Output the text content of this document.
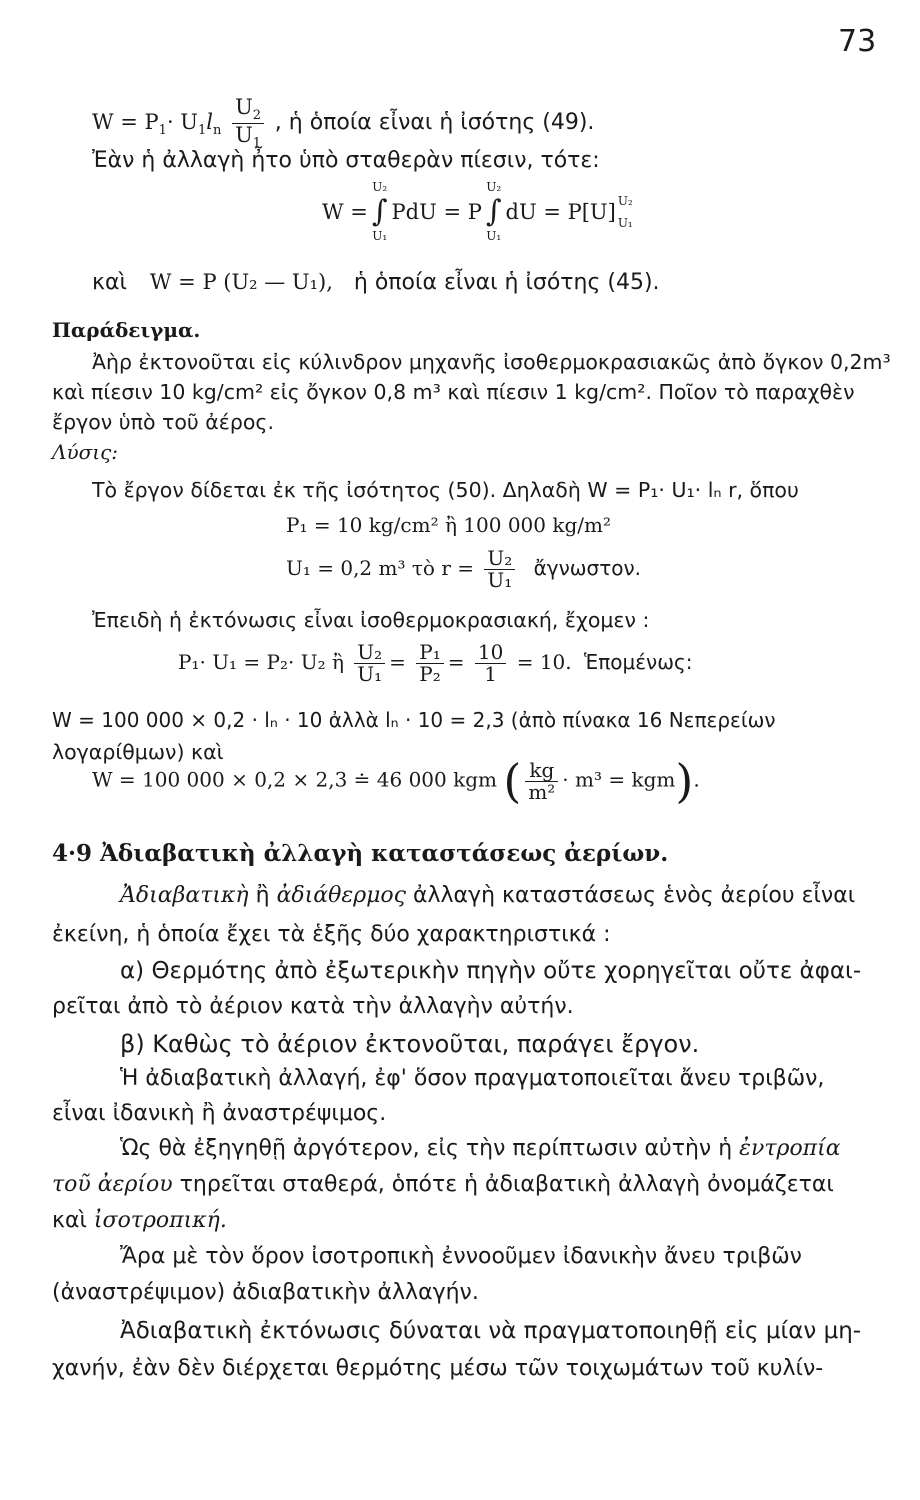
73
$W = P_1\cdot U_1l_n \frac{U_2}{U_1}$ , ἡ ὁποία εἶναι ἡ ἰσότης (49).
Ἐὰν ἡ ἀλλαγὴ ἦτο ὑπὸ σταθερὰν πίεσιν, τότε:
W =
U₂
∫
U₁
PdU = P
U₂
∫
U₁
dU = P[U] U₂
U₁
καὶ W = P (U₂ — U₁), ἡ ὁποία εἶναι ἡ ἰσότης (45).
Παράδειγμα.
Ἀὴρ ἐκτονοῦται εἰς κύλινδρον μηχανῆς ἰσοθερμοκρασιακῶς ἀπὸ ὄγκον 0,2m³
καὶ πίεσιν 10 kg/cm² εἰς ὄγκον 0,8 m³ καὶ πίεσιν 1 kg/cm². Ποῖον τὸ παραχθὲν
ἔργον ὑπὸ τοῦ ἀέρος.
Λύσις:
Τὸ ἔργον δίδεται ἐκ τῆς ἰσότητος (50). Δηλαδὴ W = P₁· U₁· lₙ r, ὅπου
P₁ = 10 kg/cm² ἢ 100 000 kg/m²
U₁ = 0,2 m³ τὸ $r = \frac{\text{U₂}}{\text{U₁}}$ ἄγνωστον.
Ἐπειδὴ ἡ ἐκτόνωσις εἶναι ἰσοθερμοκρασιακή, ἔχομεν :
P₁· U₁ = P₂· U₂ ἢ $\frac{\text{U₂}}{\text{U₁}} = \frac{\text{P₁}}{\text{P₂}} = \frac{10}{1} = 10$. Ἑπομένως:
W = 100 000 × 0,2 · lₙ · 10 ἀλλὰ lₙ · 10 = 2,3 (ἀπὸ πίνακα 16 Νεπερείων
λογαρίθμων) καὶ
W = 100 000 × 0,2 × 2,3 ≐ 46 000 kgm ( $\frac{kg}{\text{m²}} \cdot m^3 = kgm$).
4·9 Ἀδιαβατικὴ ἀλλαγὴ καταστάσεως ἀερίων.
Ἀδιαβατικὴ ἢ ἀδιάθερμος ἀλλαγὴ καταστάσεως ἑνὸς ἀερίου εἶναι
ἐκείνη, ἡ ὁποία ἔχει τὰ ἑξῆς δύο χαρακτηριστικά :
α) Θερμότης ἀπὸ ἐξωτερικὴν πηγὴν οὔτε χορηγεῖται οὔτε ἀφαι-
ρεῖται ἀπὸ τὸ ἀέριον κατὰ τὴν ἀλλαγὴν αὐτήν.
β) Καθὼς τὸ ἀέριον ἐκτονοῦται, παράγει ἔργον.
Ἡ ἀδιαβατικὴ ἀλλαγή, ἐφ' ὅσον πραγματοποιεῖται ἄνευ τριβῶν,
εἶναι ἰδανικὴ ἢ ἀναστρέψιμος.
Ὡς θὰ ἐξηγηθῇ ἀργότερον, εἰς τὴν περίπτωσιν αὐτὴν ἡ ἐντροπία
τοῦ ἀερίου τηρεῖται σταθερά, ὁπότε ἡ ἀδιαβατικὴ ἀλλαγὴ ὀνομάζεται
καὶ ἰσοτροπική.
Ἄρα μὲ τὸν ὅρον ἰσοτροπικὴ ἐννοοῦμεν ἰδανικὴν ἄνευ τριβῶν
(ἀναστρέψιμον) ἀδιαβατικὴν ἀλλαγήν.
Ἀδιαβατικὴ ἐκτόνωσις δύναται νὰ πραγματοποιηθῇ εἰς μίαν μη-
χανήν, ἐὰν δὲν διέρχεται θερμότης μέσω τῶν τοιχωμάτων τοῦ κυλίν-
